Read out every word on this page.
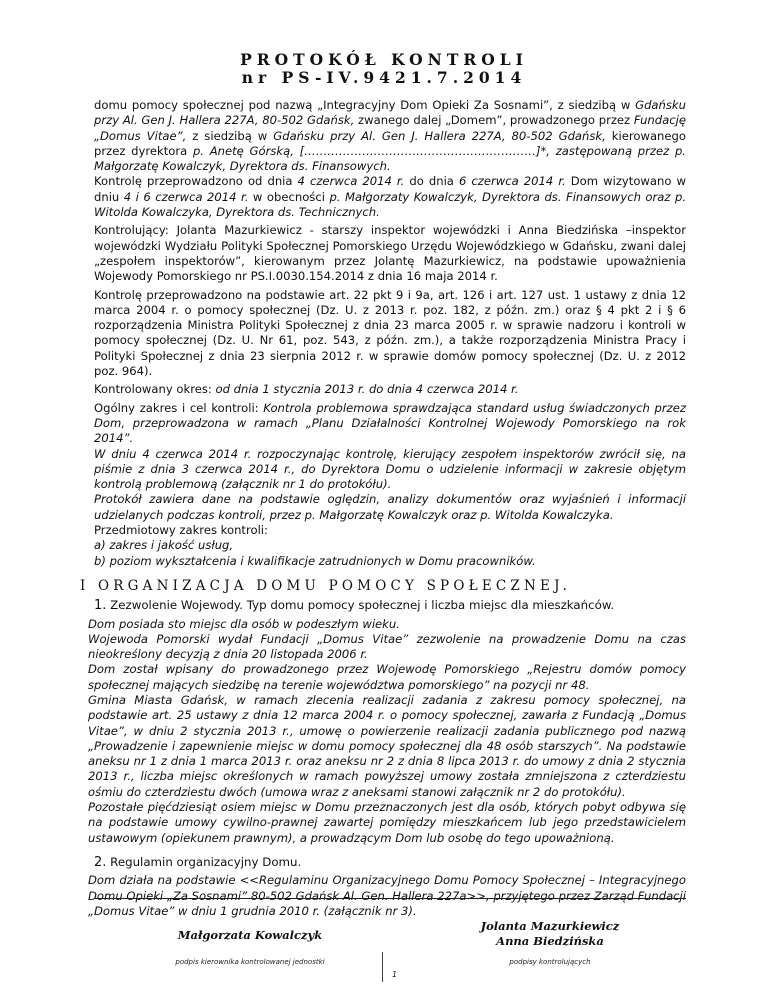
PROTOKÓŁ KONTROLI
nr PS-IV.9421.7.2014

domu pomocy społecznej pod nazwą „Integracyjny Dom Opieki Za Sosnami”, z siedzibą w Gdańsku przy Al. Gen J. Hallera 227A, 80-502 Gdańsk, zwanego dalej „Domem”, prowadzonego przez Fundację „Domus Vitae”, z siedzibą w Gdańsku przy Al. Gen J. Hallera 227A, 80-502 Gdańsk, kierowanego przez dyrektora p. Anetę Górską, [……………………………………………………]*, zastępowaną przez p. Małgorzatę Kowalczyk, Dyrektora ds. Finansowych.

Kontrolę przeprowadzono od dnia 4 czerwca 2014 r. do dnia 6 czerwca 2014 r. Dom wizytowano w dniu 4 i 6 czerwca 2014 r. w obecności p. Małgorzaty Kowalczyk, Dyrektora ds. Finansowych oraz p. Witolda Kowalczyka, Dyrektora ds. Technicznych.

Kontrolujący: Jolanta Mazurkiewicz - starszy inspektor wojewódzki i Anna Biedzińska –inspektor wojewódzki Wydziału Polityki Społecznej Pomorskiego Urzędu Wojewódzkiego w Gdańsku, zwani dalej „zespołem inspektorów”, kierowanym przez Jolantę Mazurkiewicz, na podstawie upoważnienia Wojewody Pomorskiego nr PS.I.0030.154.2014 z dnia 16 maja 2014 r.

Kontrolę przeprowadzono na podstawie art. 22 pkt 9 i 9a, art. 126 i art. 127 ust. 1 ustawy z dnia 12 marca 2004 r. o pomocy społecznej (Dz. U. z 2013 r. poz. 182, z późn. zm.) oraz § 4 pkt 2 i § 6 rozporządzenia Ministra Polityki Społecznej z dnia 23 marca 2005 r. w sprawie nadzoru i kontroli w pomocy społecznej (Dz. U. Nr 61, poz. 543, z późn. zm.), a także rozporządzenia Ministra Pracy i Polityki Społecznej z dnia 23 sierpnia 2012 r. w sprawie domów pomocy społecznej (Dz. U. z 2012 poz. 964).

Kontrolowany okres: od dnia 1 stycznia 2013 r. do dnia 4 czerwca 2014 r.

Ogólny zakres i cel kontroli: Kontrola problemowa sprawdzająca standard usług świadczonych przez Dom, przeprowadzona w ramach „Planu Działalności Kontrolnej Wojewody Pomorskiego na rok 2014”.

W dniu 4 czerwca 2014 r. rozpoczynając kontrolę, kierujący zespołem inspektorów zwrócił się, na piśmie z dnia 3 czerwca 2014 r., do Dyrektora Domu o udzielenie informacji w zakresie objętym kontrolą problemową (załącznik nr 1 do protokółu).

Protokół zawiera dane na podstawie oględzin, analizy dokumentów oraz wyjaśnień i informacji udzielanych podczas kontroli, przez p. Małgorzatę Kowalczyk oraz p. Witolda Kowalczyka.

Przedmiotowy zakres kontroli:

a) zakres i jakość usług,

b) poziom wykształcenia i kwalifikacje zatrudnionych w Domu pracowników.

I ORGANIZACJA DOMU POMOCY SPOŁECZNEJ.

1. Zezwolenie Wojewody. Typ domu pomocy społecznej i liczba miejsc dla mieszkańców.

Dom posiada sto miejsc dla osób w podeszłym wieku.

Wojewoda Pomorski wydał Fundacji „Domus Vitae” zezwolenie na prowadzenie Domu na czas nieokreślony decyzją z dnia 20 listopada 2006 r.

Dom został wpisany do prowadzonego przez Wojewodę Pomorskiego „Rejestru domów pomocy społecznej mających siedzibę na terenie województwa pomorskiego” na pozycji nr 48.

Gmina Miasta Gdańsk, w ramach zlecenia realizacji zadania z zakresu pomocy społecznej, na podstawie art. 25 ustawy z dnia 12 marca 2004 r. o pomocy społecznej, zawarła z Fundacją „Domus Vitae”, w dniu 2 stycznia 2013 r., umowę o powierzenie realizacji zadania publicznego pod nazwą „Prowadzenie i zapewnienie miejsc w domu pomocy społecznej dla 48 osób starszych”. Na podstawie aneksu nr 1 z dnia 1 marca 2013 r. oraz aneksu nr 2 z dnia 8 lipca 2013 r. do umowy z dnia 2 stycznia 2013 r., liczba miejsc określonych w ramach powyższej umowy została zmniejszona z czterdziestu ośmiu do czterdziestu dwóch (umowa wraz z aneksami stanowi załącznik nr 2 do protokółu).

Pozostałe pięćdziesiąt osiem miejsc w Domu przeznaczonych jest dla osób, których pobyt odbywa się na podstawie umowy cywilno-prawnej zawartej pomiędzy mieszkańcem lub jego przedstawicielem ustawowym (opiekunem prawnym), a prowadzącym Dom lub osobę do tego upoważnioną.

2. Regulamin organizacyjny Domu.

Dom działa na podstawie <<Regulaminu Organizacyjnego Domu Pomocy Społecznej – Integracyjnego Domu Opieki „Za Sosnami” 80-502 Gdańsk Al. Gen. Hallera 227a>>, przyjętego przez Zarząd Fundacji „Domus Vitae” w dniu 1 grudnia 2010 r. (załącznik nr 3).

Małgorzata Kowalczyk
Jolanta Mazurkiewicz
Anna Biedzińska
podpis kierownika kontrolowanej jednostki	podpisy kontrolujących
1
